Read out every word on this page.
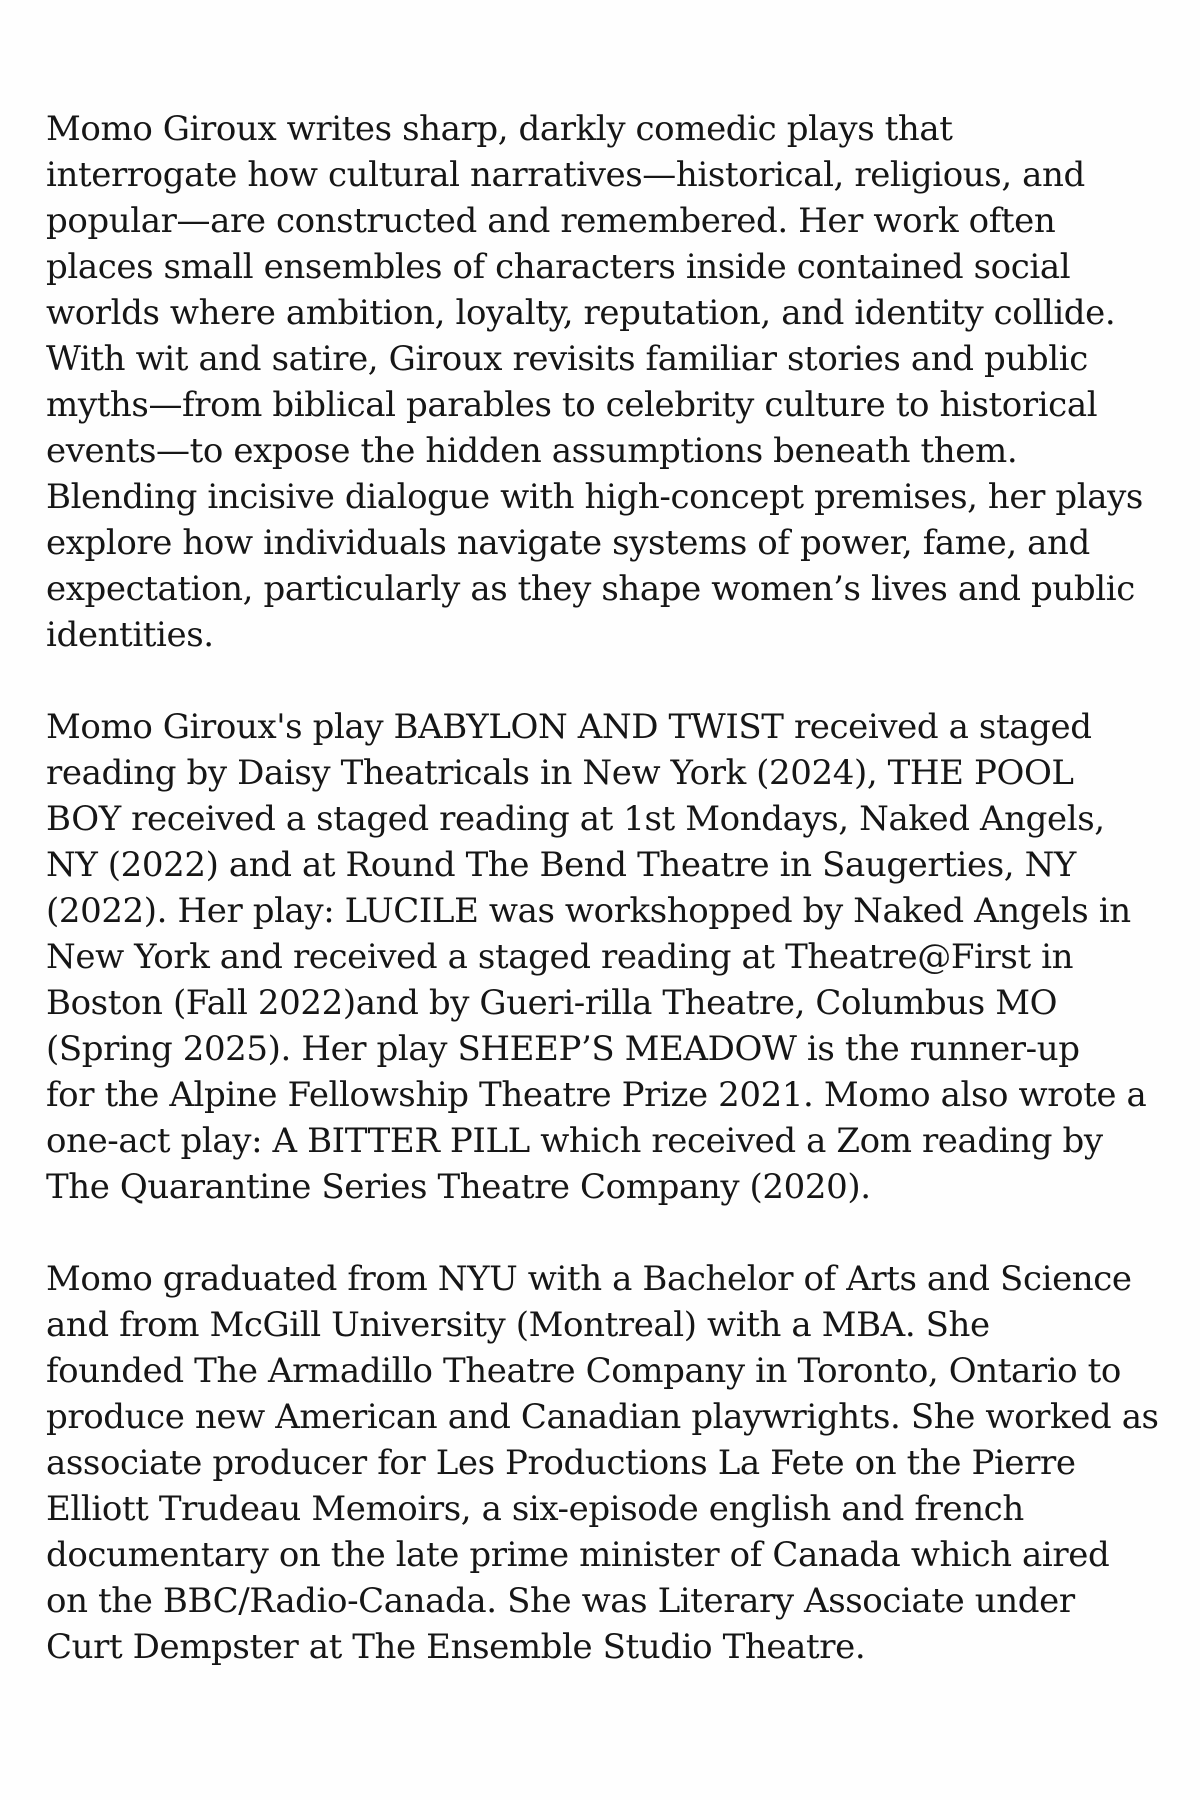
Momo Giroux writes sharp, darkly comedic plays that
interrogate how cultural narratives—historical, religious, and
popular—are constructed and remembered. Her work often
places small ensembles of characters inside contained social
worlds where ambition, loyalty, reputation, and identity collide.
With wit and satire, Giroux revisits familiar stories and public
myths—from biblical parables to celebrity culture to historical
events—to expose the hidden assumptions beneath them.
Blending incisive dialogue with high-concept premises, her plays
explore how individuals navigate systems of power, fame, and
expectation, particularly as they shape women’s lives and public
identities.

Momo Giroux's play BABYLON AND TWIST received a staged
reading by Daisy Theatricals in New York (2024), THE POOL
BOY received a staged reading at 1st Mondays, Naked Angels,
NY (2022) and at Round The Bend Theatre in Saugerties, NY
(2022). Her play: LUCILE was workshopped by Naked Angels in
New York and received a staged reading at Theatre@First in
Boston (Fall 2022)and by Gueri-rilla Theatre, Columbus MO
(Spring 2025). Her play SHEEP’S MEADOW is the runner-up
for the Alpine Fellowship Theatre Prize 2021. Momo also wrote a
one-act play: A BITTER PILL which received a Zom reading by
The Quarantine Series Theatre Company (2020).

Momo graduated from NYU with a Bachelor of Arts and Science
and from McGill University (Montreal) with a MBA. She
founded The Armadillo Theatre Company in Toronto, Ontario to
produce new American and Canadian playwrights. She worked as
associate producer for Les Productions La Fete on the Pierre
Elliott Trudeau Memoirs, a six-episode english and french
documentary on the late prime minister of Canada which aired
on the BBC/Radio-Canada. She was Literary Associate under
Curt Dempster at The Ensemble Studio Theatre.
